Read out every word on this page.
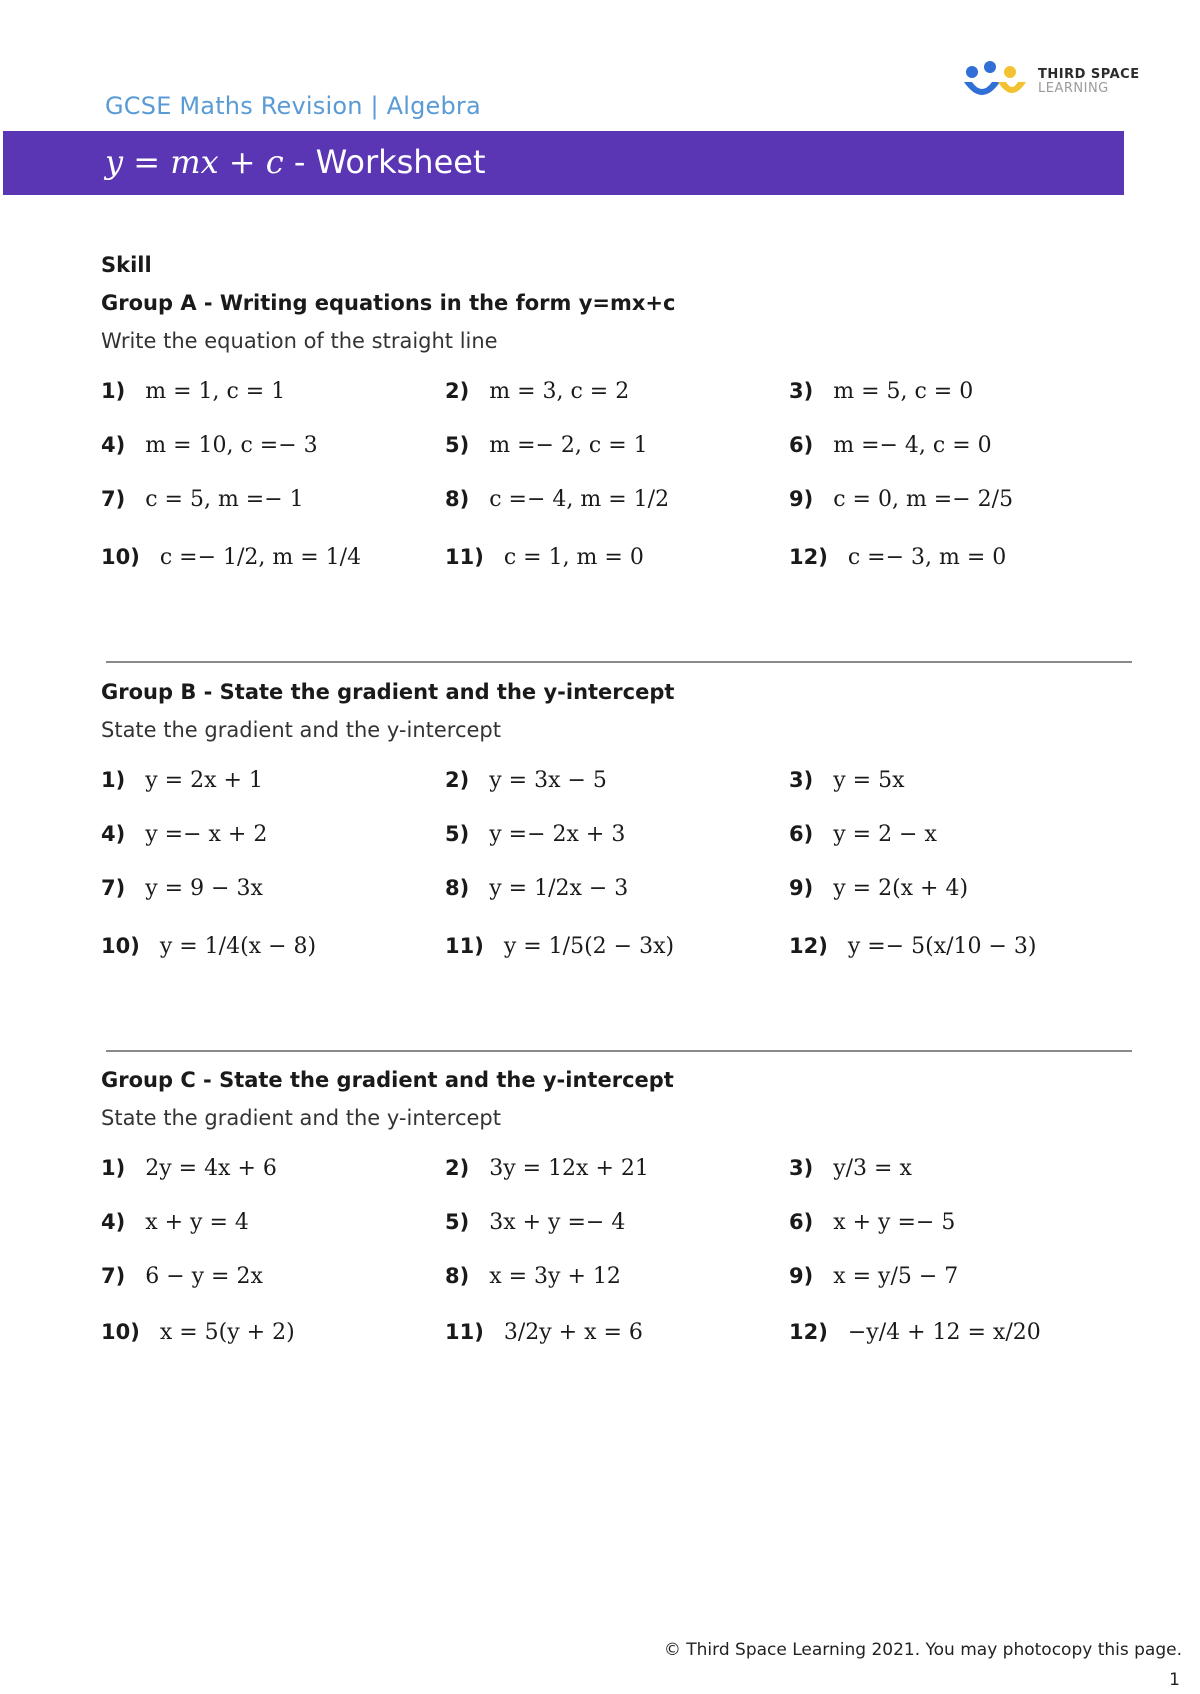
GCSE Maths Revision | Algebra
THIRD SPACE
LEARNING
y = mx + c - Worksheet
Skill
Group A - Writing equations in the form y=mx+c
Write the equation of the straight line
1) m = 1, c = 1	2) m = 3, c = 2	3) m = 5, c = 0
4) m = 10, c =− 3	5) m =− 2, c = 1	6) m =− 4, c = 0
7) c = 5, m =− 1	8) c =− 4, m = 1/2	9) c = 0, m =− 2/5
10) c =− 1/2, m = 1/4	11) c = 1, m = 0	12) c =− 3, m = 0
Group B - State the gradient and the y-intercept
State the gradient and the y-intercept
1) y = 2x + 1	2) y = 3x − 5	3) y = 5x
4) y =− x + 2	5) y =− 2x + 3	6) y = 2 − x
7) y = 9 − 3x	8) y = 1/2x − 3	9) y = 2(x + 4)
10) y = 1/4(x − 8)	11) y = 1/5(2 − 3x)	12) y =− 5(x/10 − 3)
Group C - State the gradient and the y-intercept
State the gradient and the y-intercept
1) 2y = 4x + 6	2) 3y = 12x + 21	3) y/3 = x
4) x + y = 4	5) 3x + y =− 4	6) x + y =− 5
7) 6 − y = 2x	8) x = 3y + 12	9) x = y/5 − 7
10) x = 5(y + 2)	11) 3/2y + x = 6	12) −y/4 + 12 = x/20
© Third Space Learning 2021. You may photocopy this page.
1
